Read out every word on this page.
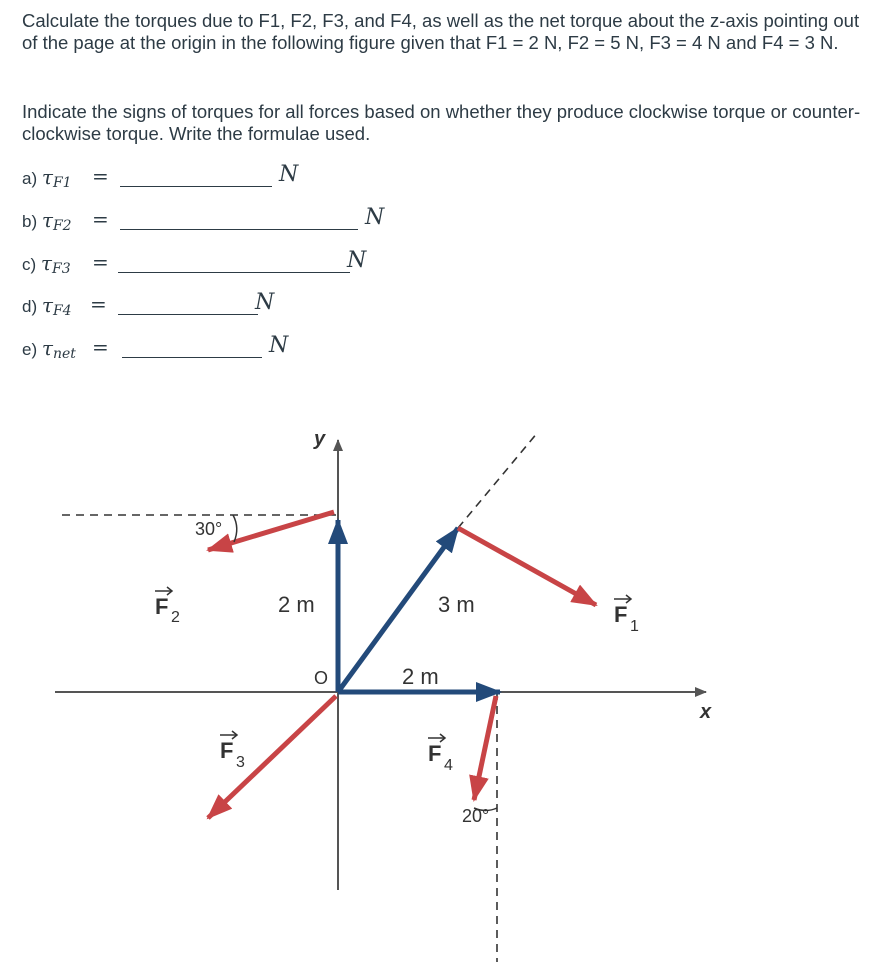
Calculate the torques due to F1, F2, F3, and F4, as well as the net torque about the z-axis pointing out of the page at the origin in the following figure given that F1 = 2 N, F2 = 5 N, F3 = 4 N and F4 = 3 N.
Indicate the signs of torques for all forces based on whether they produce clockwise torque or counter-clockwise torque. Write the formulae used.
a) τF1 =	N
b) τF2 =	N
c) τF3 =	N
d) τF4 =	N
e) τnet =	N
y
x
O
30°
20°
2 m	3 m
2 m
F 2	F 1
F 3	F 4
